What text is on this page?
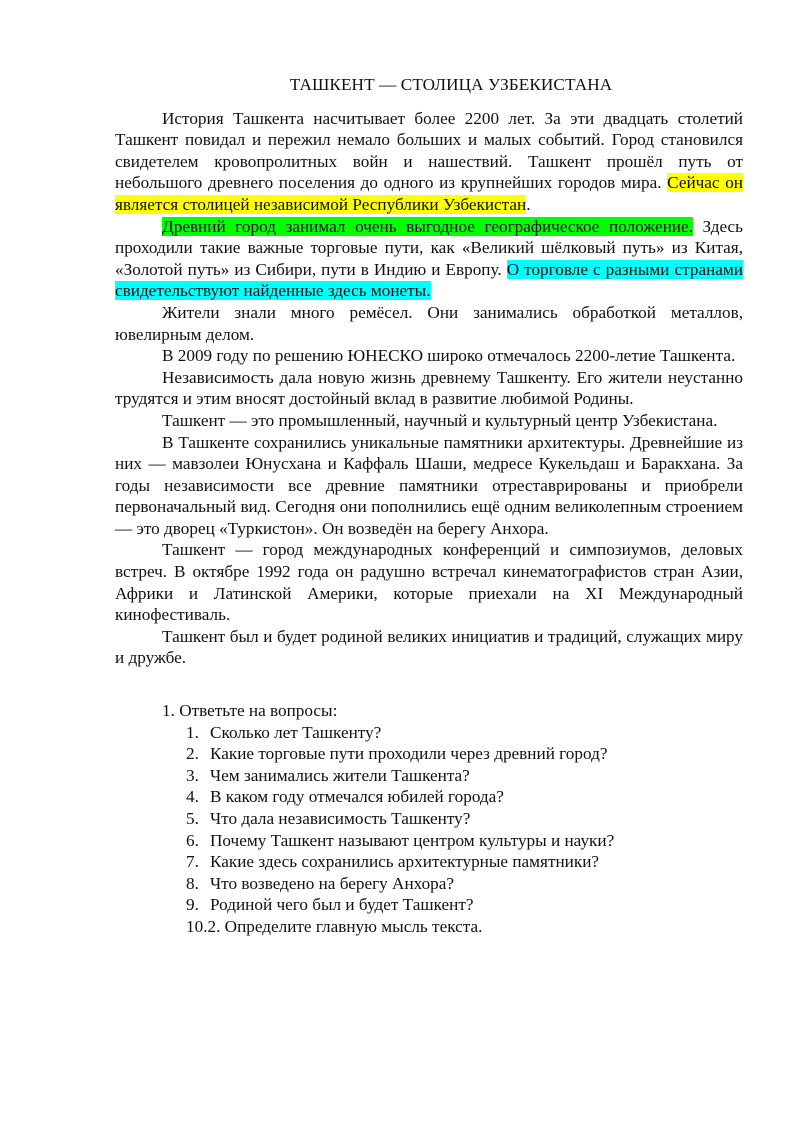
ТАШКЕНТ — СТОЛИЦА УЗБЕКИСТАНА

История Ташкента насчитывает более 2200 лет. За эти двадцать столетий Ташкент повидал и пережил немало больших и малых событий. Город становился свидетелем кровопролитных войн и нашествий. Ташкент прошёл путь от небольшого древнего поселения до одного из крупнейших городов мира. Сейчас он является столицей независимой Республики Узбекистан.

Древний город занимал очень выгодное географическое положение. Здесь проходили такие важные торговые пути, как «Великий шёлковый путь» из Китая, «Золотой путь» из Сибири, пути в Индию и Европу. О торговле с разными странами свидетельствуют найденные здесь монеты.

Жители знали много ремёсел. Они занимались обработкой металлов, ювелирным делом.

В 2009 году по решению ЮНЕСКО широко отмечалось 2200-летие Ташкента.

Независимость дала новую жизнь древнему Ташкенту. Его жители неустанно трудятся и этим вносят достойный вклад в развитие любимой Родины.

Ташкент — это промышленный, научный и культурный центр Узбекистана.

В Ташкенте сохранились уникальные памятники архитектуры. Древнейшие из них — мавзолеи Юнусхана и Каффаль Шаши, медресе Кукельдаш и Баракхана. За годы независимости все древние памятники отреставрированы и приобрели первоначальный вид. Сегодня они пополнились ещё одним великолепным строением — это дворец «Туркистон». Он возведён на берегу Анхора.

Ташкент — город международных конференций и симпозиумов, деловых встреч. В октябре 1992 года он радушно встречал кинематографистов стран Азии, Африки и Латинской Америки, которые приехали на XI Международный кинофестиваль.

Ташкент был и будет родиной великих инициатив и традиций, служащих миру и дружбе.

1. Ответьте на вопросы:

1. Сколько лет Ташкенту?
2. Какие торговые пути проходили через древний город?
3. Чем занимались жители Ташкента?
4. В каком году отмечался юбилей города?
5. Что дала независимость Ташкенту?
6. Почему Ташкент называют центром культуры и науки?
7. Какие здесь сохранились архитектурные памятники?
8. Что возведено на берегу Анхора?
9. Родиной чего был и будет Ташкент?

10.2. Определите главную мысль текста.
